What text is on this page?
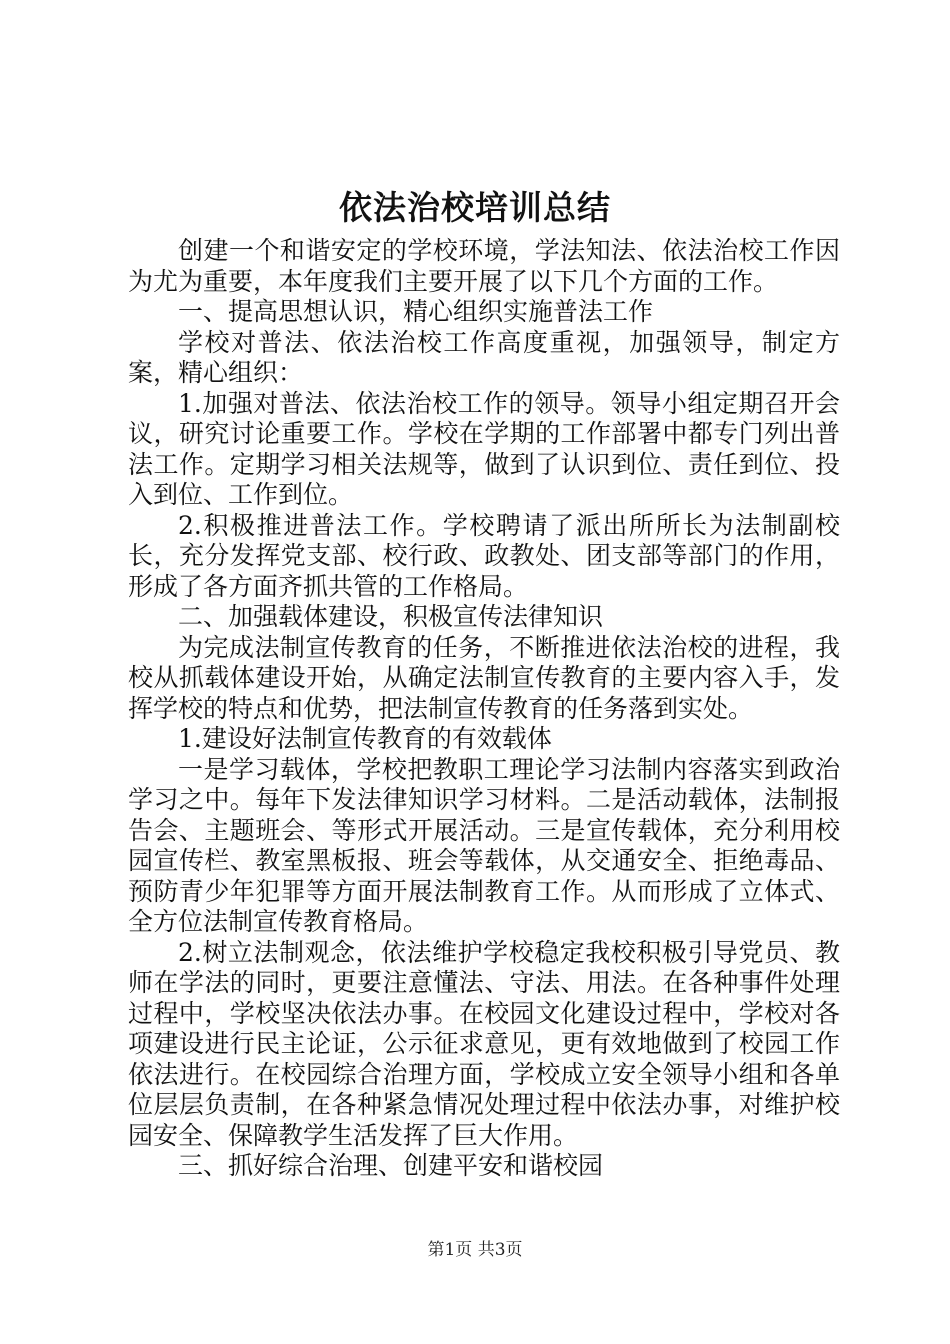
依法治校培训总结

创建一个和谐安定的学校环境，学法知法、依法治校工作因为尤为重要，本年度我们主要开展了以下几个方面的工作。

一、提高思想认识，精心组织实施普法工作

学校对普法、依法治校工作高度重视，加强领导，制定方案，精心组织：

1.加强对普法、依法治校工作的领导。领导小组定期召开会议，研究讨论重要工作。学校在学期的工作部署中都专门列出普法工作。定期学习相关法规等，做到了认识到位、责任到位、投入到位、工作到位。

2.积极推进普法工作。学校聘请了派出所所长为法制副校长，充分发挥党支部、校行政、政教处、团支部等部门的作用，形成了各方面齐抓共管的工作格局。

二、加强载体建设，积极宣传法律知识

为完成法制宣传教育的任务，不断推进依法治校的进程，我校从抓载体建设开始，从确定法制宣传教育的主要内容入手，发挥学校的特点和优势，把法制宣传教育的任务落到实处。

1.建设好法制宣传教育的有效载体

一是学习载体，学校把教职工理论学习法制内容落实到政治学习之中。每年下发法律知识学习材料。二是活动载体，法制报告会、主题班会、等形式开展活动。三是宣传载体，充分利用校园宣传栏、教室黑板报、班会等载体，从交通安全、拒绝毒品、预防青少年犯罪等方面开展法制教育工作。从而形成了立体式、全方位法制宣传教育格局。

2.树立法制观念，依法维护学校稳定我校积极引导党员、教师在学法的同时，更要注意懂法、守法、用法。在各种事件处理过程中，学校坚决依法办事。在校园文化建设过程中，学校对各项建设进行民主论证，公示征求意见，更有效地做到了校园工作依法进行。在校园综合治理方面，学校成立安全领导小组和各单位层层负责制，在各种紧急情况处理过程中依法办事，对维护校园安全、保障教学生活发挥了巨大作用。

三、抓好综合治理、创建平安和谐校园

第1页 共3页
